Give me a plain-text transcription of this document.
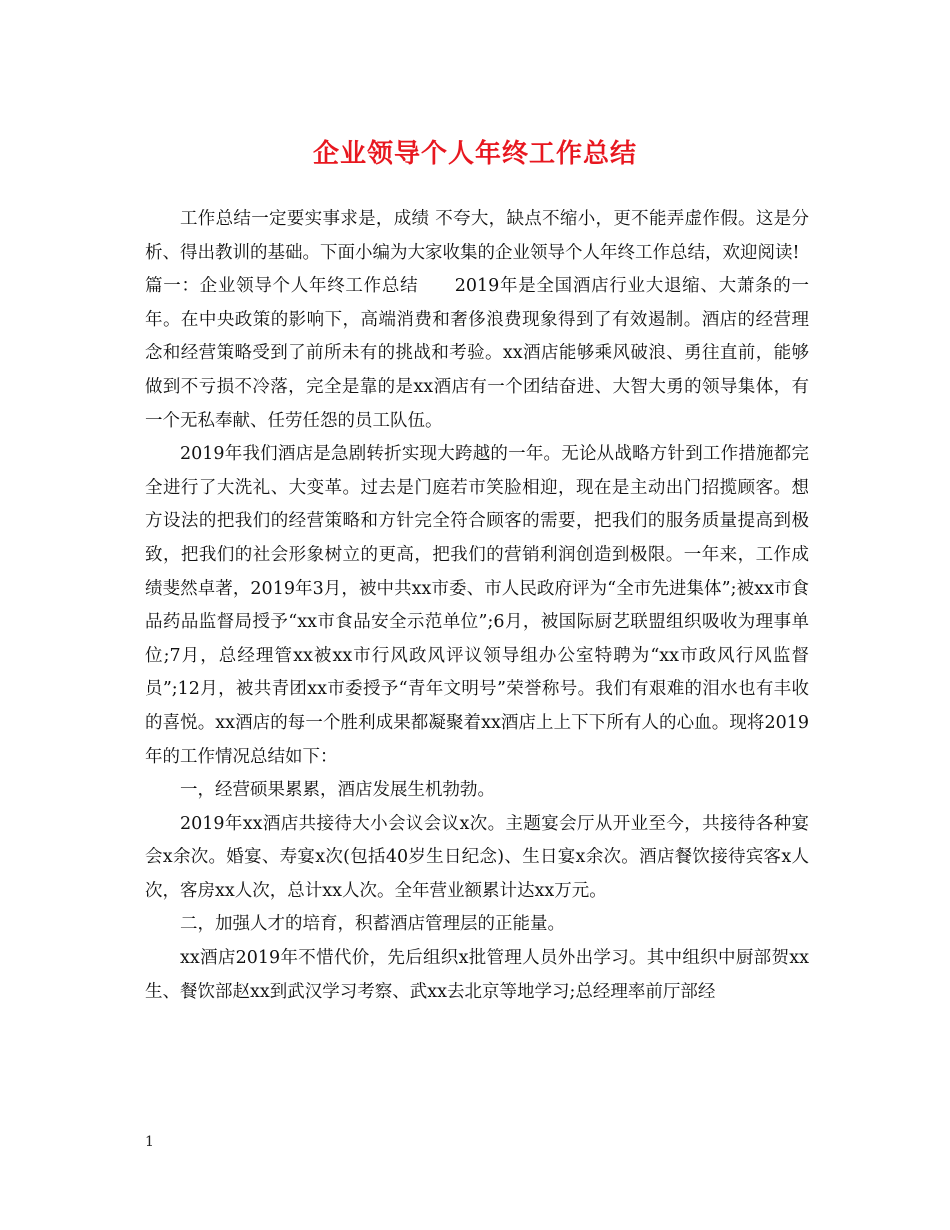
企业领导个人年终工作总结

工作总结一定要实事求是，成绩 不夸大，缺点不缩小，更不能弄虚作假。这是分析、得出教训的基础。下面小编为大家收集的企业领导个人年终工作总结，欢迎阅读!

篇一：企业领导个人年终工作总结　　2019年是全国酒店行业大退缩、大萧条的一年。在中央政策的影响下，高端消费和奢侈浪费现象得到了有效遏制。酒店的经营理念和经营策略受到了前所未有的挑战和考验。xx酒店能够乘风破浪、勇往直前，能够做到不亏损不冷落，完全是靠的是xx酒店有一个团结奋进、大智大勇的领导集体，有一个无私奉献、任劳任怨的员工队伍。

2019年我们酒店是急剧转折实现大跨越的一年。无论从战略方针到工作措施都完全进行了大洗礼、大变革。过去是门庭若市笑脸相迎，现在是主动出门招揽顾客。想方设法的把我们的经营策略和方针完全符合顾客的需要，把我们的服务质量提高到极致，把我们的社会形象树立的更高，把我们的营销利润创造到极限。一年来，工作成绩斐然卓著，2019年3月，被中共xx市委、市人民政府评为“全市先进集体”;被xx市食品药品监督局授予“xx市食品安全示范单位”;6月，被国际厨艺联盟组织吸收为理事单位;7月，总经理管xx被xx市行风政风评议领导组办公室特聘为“xx市政风行风监督员”;12月，被共青团xx市委授予“青年文明号”荣誉称号。我们有艰难的泪水也有丰收的喜悦。xx酒店的每一个胜利成果都凝聚着xx酒店上上下下所有人的心血。现将2019年的工作情况总结如下：

一，经营硕果累累，酒店发展生机勃勃。

2019年xx酒店共接待大小会议会议x次。主题宴会厅从开业至今，共接待各种宴会x余次。婚宴、寿宴x次(包括40岁生日纪念)、生日宴x余次。酒店餐饮接待宾客x人次，客房xx人次，总计xx人次。全年营业额累计达xx万元。

二，加强人才的培育，积蓄酒店管理层的正能量。

xx酒店2019年不惜代价，先后组织x批管理人员外出学习。其中组织中厨部贺xx生、餐饮部赵xx到武汉学习考察、武xx去北京等地学习;总经理率前厅部经

1
